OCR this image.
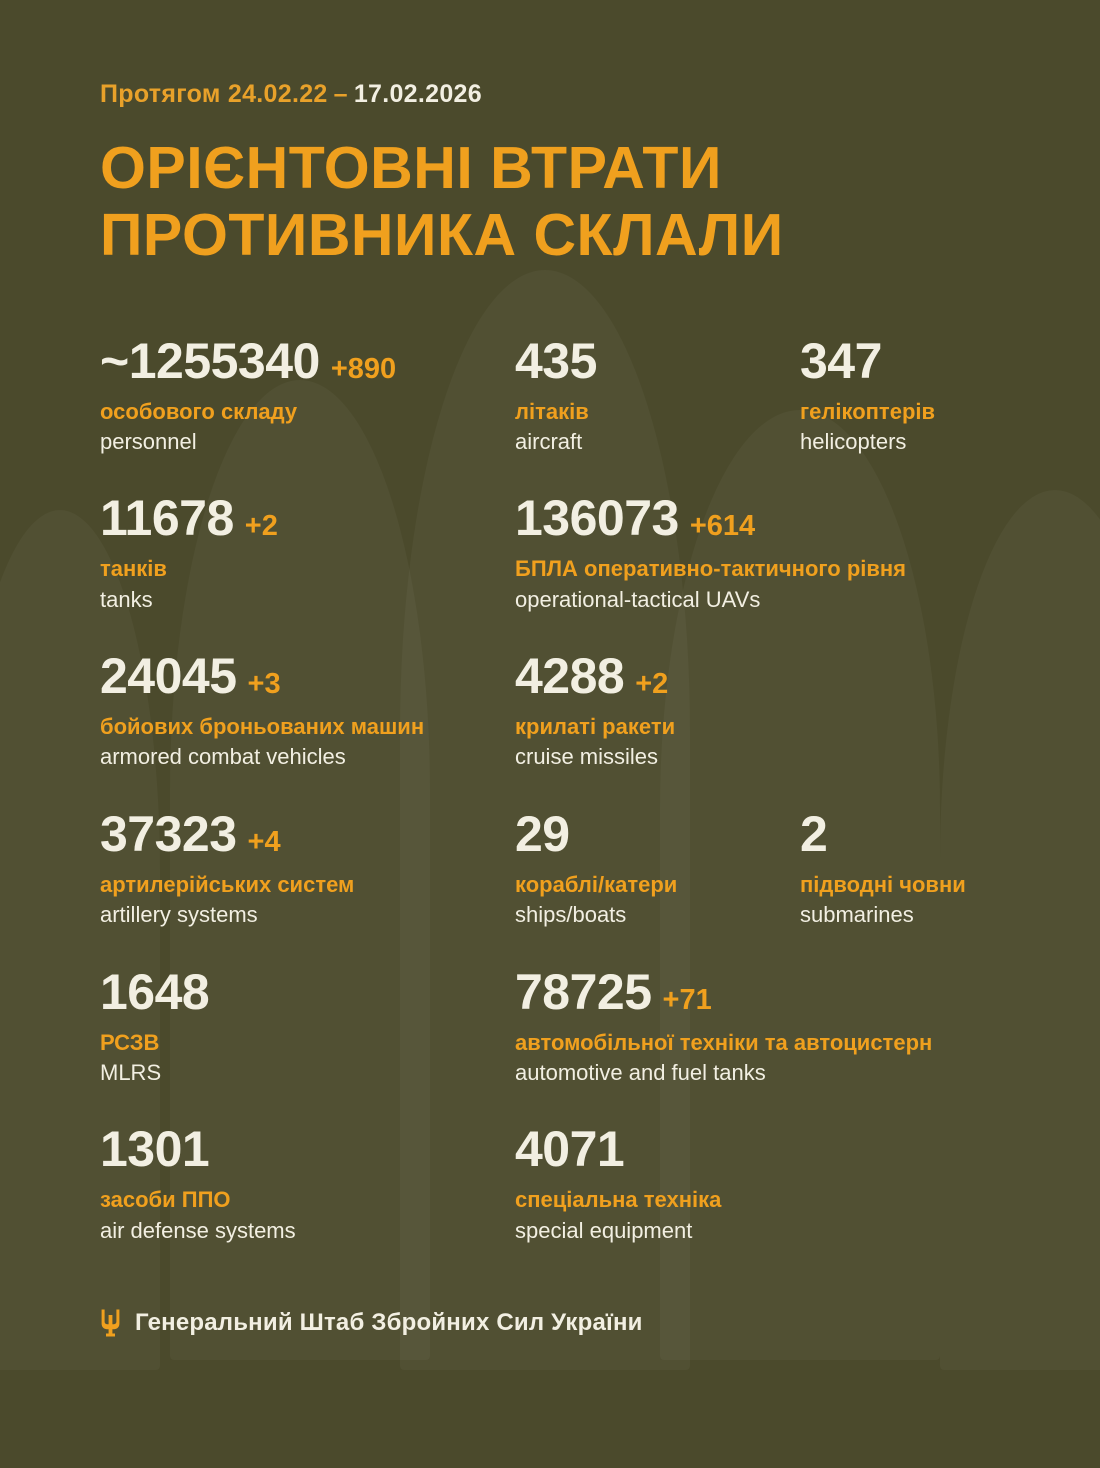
Протягом 24.02.22 – 17.02.2026
ОРІЄНТОВНІ ВТРАТИ
ПРОТИВНИКА СКЛАЛИ
~1255340 +890
особового складу
personnel
435
літаків
aircraft
347
гелікоптерів
helicopters
11678 +2
танків
tanks
136073 +614
БПЛА оперативно-тактичного рівня
operational-tactical UAVs
24045 +3
бойових броньованих машин
armored combat vehicles
4288 +2
крилаті ракети
cruise missiles
37323 +4
артилерійських систем
artillery systems
29
кораблі/катери
ships/boats
2
підводні човни
submarines
1648
РСЗВ
MLRS
78725 +71
автомобільної техніки та автоцистерн
automotive and fuel tanks
1301
засоби ППО
air defense systems
4071
спеціальна техніка
special equipment
Генеральний Штаб Збройних Сил України
